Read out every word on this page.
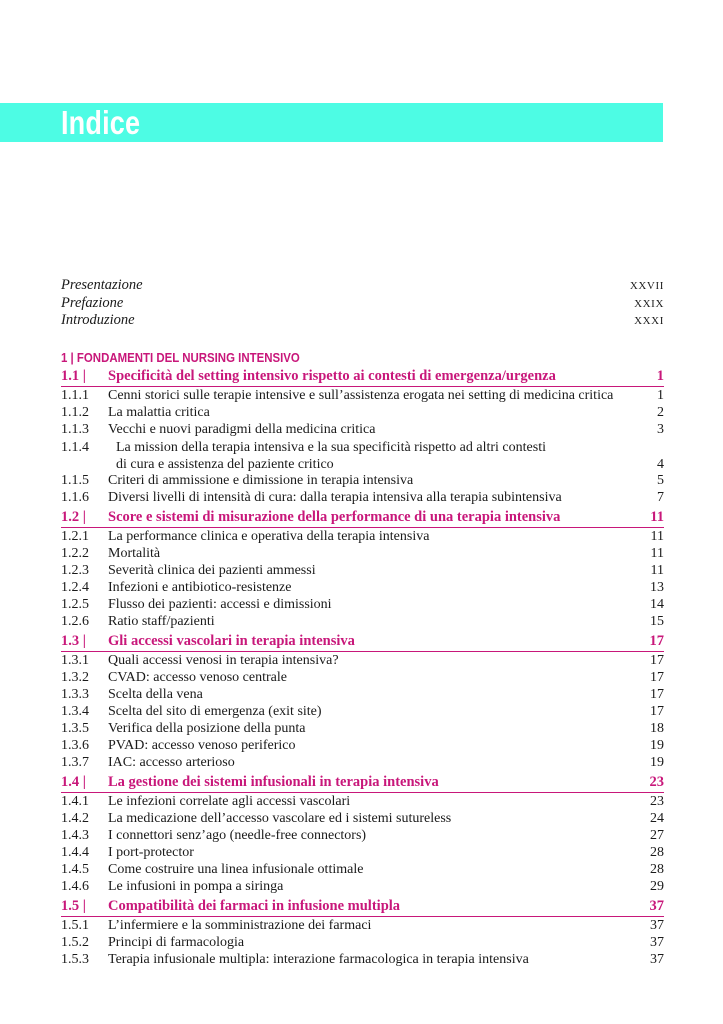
Indice
Presentazione	XXVII
Prefazione	XXIX
Introduzione	XXXI
1 | FONDAMENTI DEL NURSING INTENSIVO
1.1 |	Specificità del setting intensivo rispetto ai contesti di emergenza/urgenza	1
1.1.1	Cenni storici sulle terapie intensive e sull’assistenza erogata nei setting di medicina critica	1
1.1.2	La malattia critica	2
1.1.3	Vecchi e nuovi paradigmi della medicina critica	3
1.1.4	La mission della terapia intensiva e la sua specificità rispetto ad altri contesti
di cura e assistenza del paziente critico	4
1.1.5	Criteri di ammissione e dimissione in terapia intensiva	5
1.1.6	Diversi livelli di intensità di cura: dalla terapia intensiva alla terapia subintensiva	7
1.2 |	Score e sistemi di misurazione della performance di una terapia intensiva	11
1.2.1	La performance clinica e operativa della terapia intensiva	11
1.2.2	Mortalità	11
1.2.3	Severità clinica dei pazienti ammessi	11
1.2.4	Infezioni e antibiotico-resistenze	13
1.2.5	Flusso dei pazienti: accessi e dimissioni	14
1.2.6	Ratio staff/pazienti	15
1.3 |	Gli accessi vascolari in terapia intensiva	17
1.3.1	Quali accessi venosi in terapia intensiva?	17
1.3.2	CVAD: accesso venoso centrale	17
1.3.3	Scelta della vena	17
1.3.4	Scelta del sito di emergenza (exit site)	17
1.3.5	Verifica della posizione della punta	18
1.3.6	PVAD: accesso venoso periferico	19
1.3.7	IAC: accesso arterioso	19
1.4 |	La gestione dei sistemi infusionali in terapia intensiva	23
1.4.1	Le infezioni correlate agli accessi vascolari	23
1.4.2	La medicazione dell’accesso vascolare ed i sistemi sutureless	24
1.4.3	I connettori senz’ago (needle-free connectors)	27
1.4.4	I port-protector	28
1.4.5	Come costruire una linea infusionale ottimale	28
1.4.6	Le infusioni in pompa a siringa	29
1.5 |	Compatibilità dei farmaci in infusione multipla	37
1.5.1	L’infermiere e la somministrazione dei farmaci	37
1.5.2	Principi di farmacologia	37
1.5.3	Terapia infusionale multipla: interazione farmacologica in terapia intensiva	37
